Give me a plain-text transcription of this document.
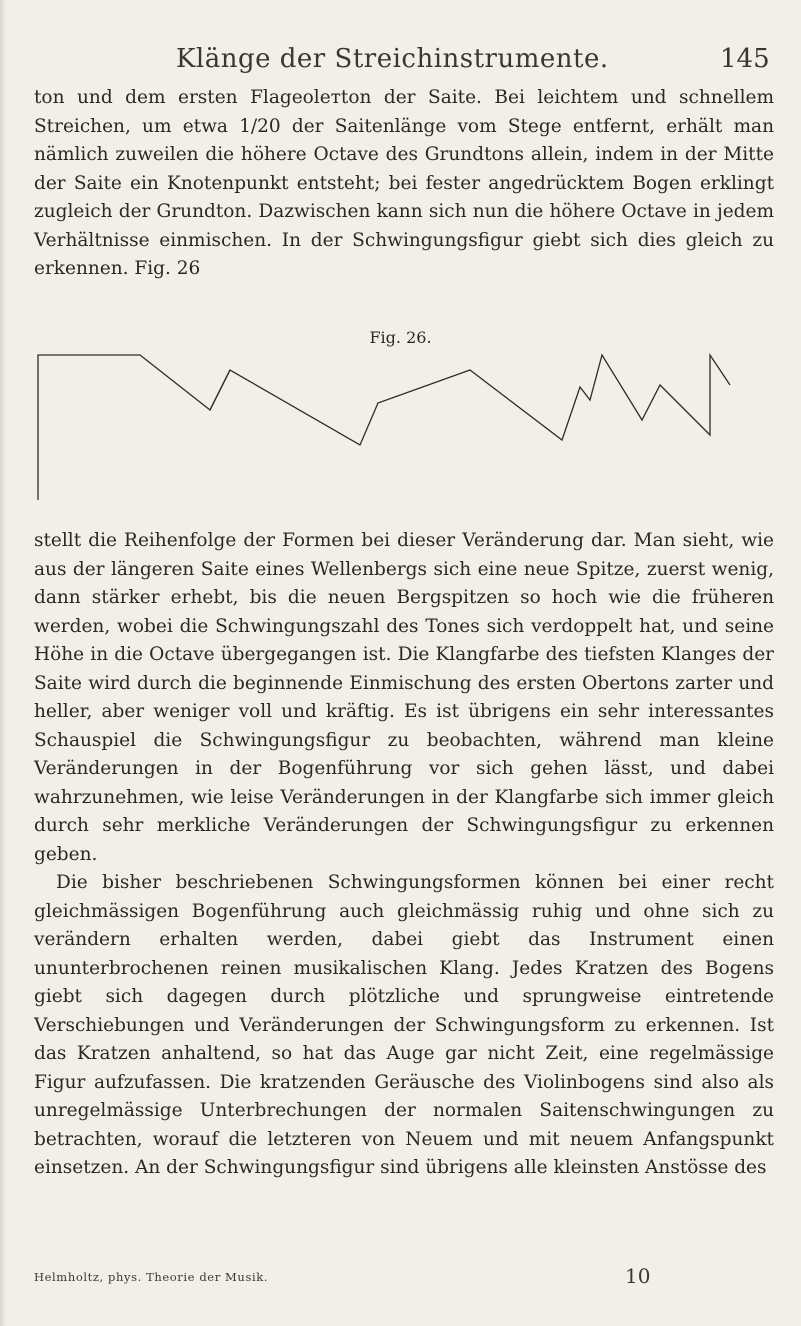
Klänge der Streichinstrumente.	145

ton und dem ersten Flageolетton der Saite. Bei leichtem und schnellem Streichen, um etwa 1/20 der Saitenlänge vom Stege entfernt, erhält man nämlich zuweilen die höhere Octave des Grundtons allein, indem in der Mitte der Saite ein Knotenpunkt entsteht; bei fester angedrücktem Bogen erklingt zugleich der Grundton. Dazwischen kann sich nun die höhere Octave in jedem Verhältnisse einmischen. In der Schwingungsfigur giebt sich dies gleich zu erkennen. Fig. 26

Fig. 26.

stellt die Reihenfolge der Formen bei dieser Veränderung dar. Man sieht, wie aus der längeren Saite eines Wellenbergs sich eine neue Spitze, zuerst wenig, dann stärker erhebt, bis die neuen Bergspitzen so hoch wie die früheren werden, wobei die Schwingungszahl des Tones sich verdoppelt hat, und seine Höhe in die Octave übergegangen ist. Die Klangfarbe des tiefsten Klanges der Saite wird durch die beginnende Einmischung des ersten Obertons zarter und heller, aber weniger voll und kräftig. Es ist übrigens ein sehr interessantes Schauspiel die Schwingungsfigur zu beobachten, während man kleine Veränderungen in der Bogenführung vor sich gehen lässt, und dabei wahrzunehmen, wie leise Veränderungen in der Klangfarbe sich immer gleich durch sehr merkliche Veränderungen der Schwingungsfigur zu erkennen geben.

Die bisher beschriebenen Schwingungsformen können bei einer recht gleichmässigen Bogenführung auch gleichmässig ruhig und ohne sich zu verändern erhalten werden, dabei giebt das Instrument einen ununterbrochenen reinen musikalischen Klang. Jedes Kratzen des Bogens giebt sich dagegen durch plötzliche und sprungweise eintretende Verschiebungen und Veränderungen der Schwingungsform zu erkennen. Ist das Kratzen anhaltend, so hat das Auge gar nicht Zeit, eine regelmässige Figur aufzufassen. Die kratzenden Geräusche des Violinbogens sind also als unregelmässige Unterbrechungen der normalen Saitenschwingungen zu betrachten, worauf die letzteren von Neuem und mit neuem Anfangspunkt einsetzen. An der Schwingungsfigur sind übrigens alle kleinsten Anstösse des

Helmholtz, phys. Theorie der Musik.	10
